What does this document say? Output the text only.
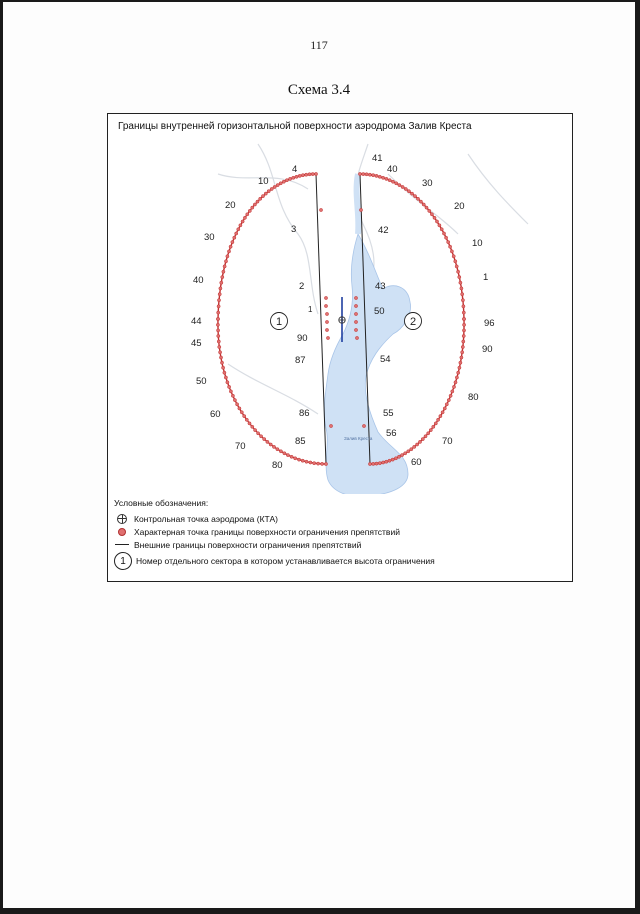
117
Схема 3.4
Границы внутренней горизонтальной поверхности аэродрома Залив Креста
1	2
Залив Креста
4
10
20
3
30
40
2
1
44
90
45
87
50
86
60
85
70
80
41
40
30
20
42
10
43
1
50
96
90
54
80
55
56
70
60
Условные обозначения:
Контрольная точка аэродрома (КТА)
Характерная точка границы поверхности ограничения препятствий
Внешние границы поверхности ограничения препятствий
1	Номер отдельного сектора в котором устанавливается высота ограничения
